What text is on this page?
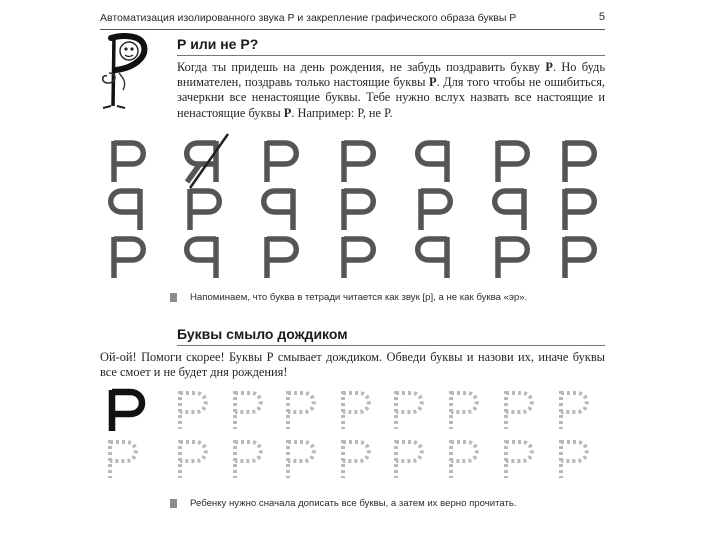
Автоматизация изолированного звука Р и закрепление графического образа буквы Р	5
Р или не Р?
Когда ты придешь на день рождения, не забудь поздравить букву Р. Но будь внимателен, поздравь только настоящие буквы Р. Для того чтобы не ошибиться, зачеркни все ненастоящие буквы. Тебе нужно вслух назвать все настоящие и ненастоящие буквы Р. Например: Р, не Р.
Напоминаем, что буква в тетради читается как звук [р], а не как буква «эр».
Буквы смыло дождиком
Ой-ой! Помоги скорее! Буквы Р смывает дождиком. Обведи буквы и назови их, иначе буквы все смоет и не будет дня рождения!
Ребенку нужно сначала дописать все буквы, а затем их верно прочитать.
